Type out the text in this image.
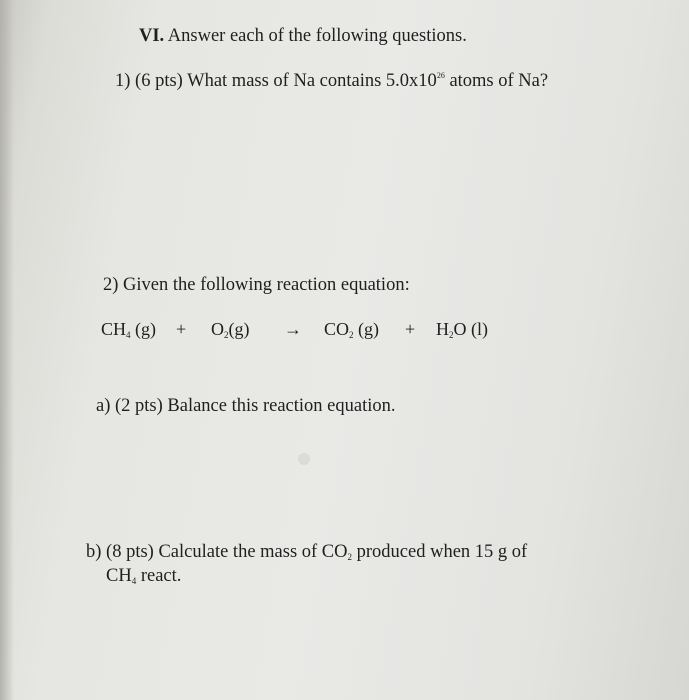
VI. Answer each of the following questions.
1) (6 pts) What mass of Na contains $5.0x10^{26}$ atoms of Na?
2) Given the following reaction equation:
$CH_4$ $(g) + O_2(g) \to CO_2$ $(g) + H_2O$ (l)
a) (2 pts) Balance this reaction equation.
b) (8 pts) Calculate the mass of $CO_2$ produced when 15 g of
$CH_4$ react.
